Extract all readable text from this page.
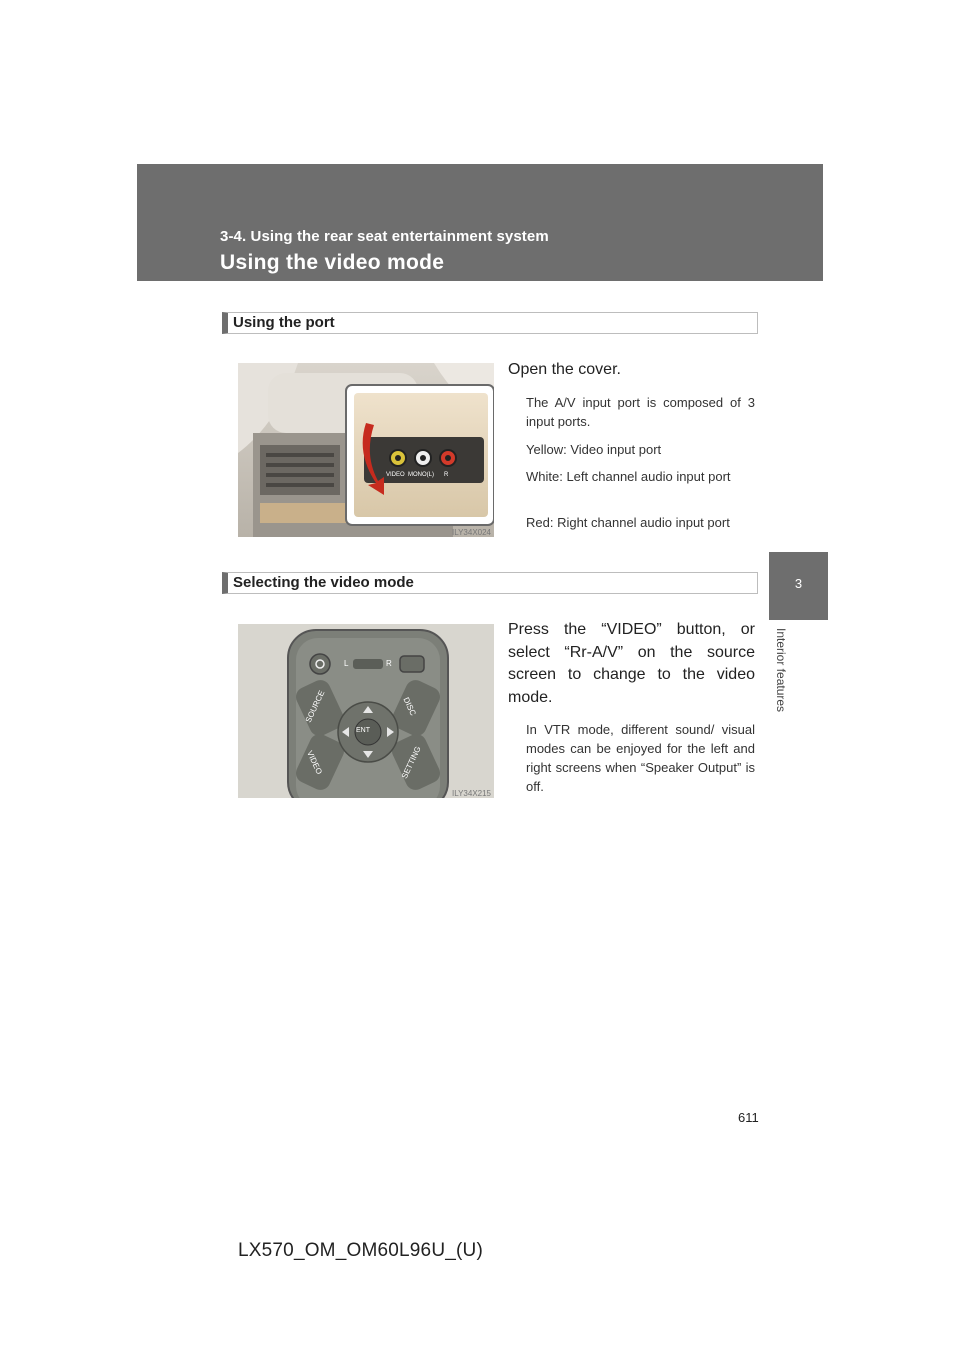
3-4. Using the rear seat entertainment system
Using the video mode
3
Interior features
Using the port
VIDEO MONO(L) R
ILY34X024
Open the cover.
The A/V input port is composed of 3 input ports.
Yellow: Video input port
White: Left channel audio input port
Red: Right channel audio input port
Selecting the video mode
ENT
L	R
SOURCE	DISC
VIDEO	SETTING
ILY34X215
Press the “VIDEO” button, or select “Rr-A/V” on the source screen to change to the video mode.
In VTR mode, different sound/ visual modes can be enjoyed for the left and right screens when “Speaker Output” is off.
611
LX570_OM_OM60L96U_(U)
